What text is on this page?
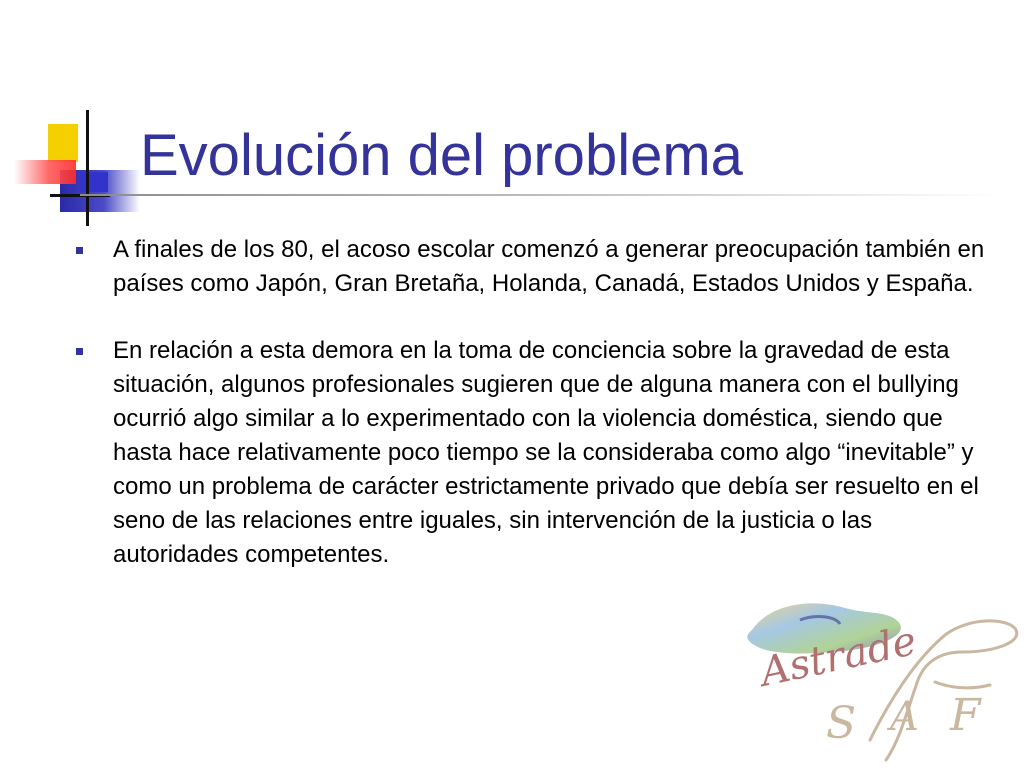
Evolución del problema
A finales de los 80, el acoso escolar comenzó a generar preocupación también en países como Japón, Gran Bretaña, Holanda, Canadá, Estados Unidos y España.
En relación a esta demora en la toma de conciencia sobre la gravedad de esta situación, algunos profesionales sugieren que de alguna manera con el bullying ocurrió algo similar a lo experimentado con la violencia doméstica, siendo que hasta hace relativamente poco tiempo se la consideraba como algo “inevitable” y como un problema de carácter estrictamente privado que debía ser resuelto en el seno de las relaciones entre iguales, sin intervención de la justicia o las autoridades competentes.
Astrade
S A F
